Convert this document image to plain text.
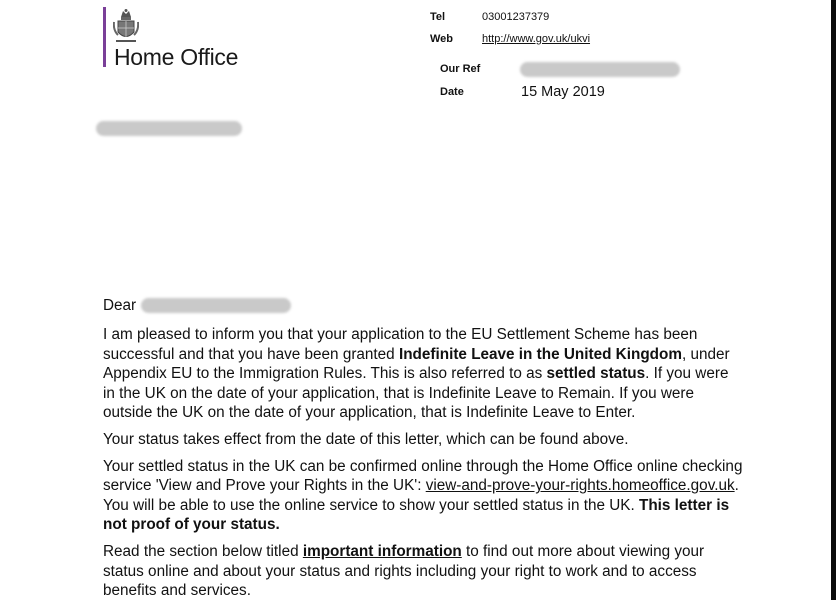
Home Office
Tel	03001237379
Web	http://www.gov.uk/ukvi
Our Ref
Date	15 May 2019
Dear

I am pleased to inform you that your application to the EU Settlement Scheme has been successful and that you have been granted Indefinite Leave in the United Kingdom, under Appendix EU to the Immigration Rules. This is also referred to as settled status. If you were in the UK on the date of your application, that is Indefinite Leave to Remain. If you were outside the UK on the date of your application, that is Indefinite Leave to Enter.

Your status takes effect from the date of this letter, which can be found above.

Your settled status in the UK can be confirmed online through the Home Office online checking service 'View and Prove your Rights in the UK': view-and-prove-your-rights.homeoffice.gov.uk. You will be able to use the online service to show your settled status in the UK. This letter is not proof of your status.

Read the section below titled important information to find out more about viewing your status online and about your status and rights including your right to work and to access benefits and services.
